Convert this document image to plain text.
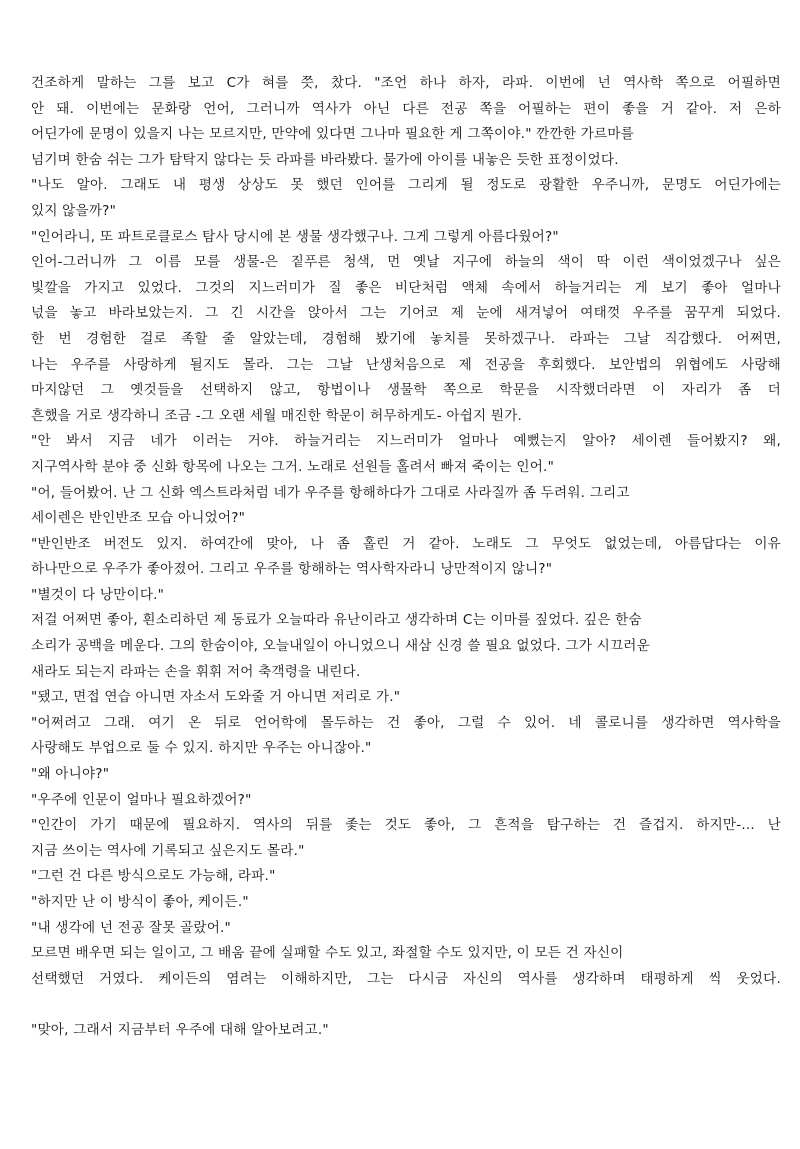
건조하게 말하는 그를 보고 C가 혀를 쯧, 찼다. "조언 하나 하자, 라파. 이번에 넌 역사학 쪽으로 어필하면
안 돼. 이번에는 문화랑 언어, 그러니까 역사가 아닌 다른 전공 쪽을 어필하는 편이 좋을 거 같아. 저 은하
어딘가에 문명이 있을지 나는 모르지만, 만약에 있다면 그나마 필요한 게 그쪽이야." 깐깐한 가르마를
넘기며 한숨 쉬는 그가 탐탁지 않다는 듯 라파를 바라봤다. 물가에 아이를 내놓은 듯한 표정이었다.
"나도 알아. 그래도 내 평생 상상도 못 했던 인어를 그리게 될 정도로 광활한 우주니까, 문명도 어딘가에는
있지 않을까?"
"인어라니, 또 파트로클로스 탐사 당시에 본 생물 생각했구나. 그게 그렇게 아름다웠어?"
인어-그러니까 그 이름 모를 생물-은 짙푸른 청색, 먼 옛날 지구에 하늘의 색이 딱 이런 색이었겠구나 싶은
빛깔을 가지고 있었다. 그것의 지느러미가 질 좋은 비단처럼 액체 속에서 하늘거리는 게 보기 좋아 얼마나
넋을 놓고 바라보았는지. 그 긴 시간을 앉아서 그는 기어코 제 눈에 새겨넣어 여태껏 우주를 꿈꾸게 되었다.
한 번 경험한 걸로 족할 줄 알았는데, 경험해 봤기에 놓치를 못하겠구나. 라파는 그날 직감했다. 어쩌면,
나는 우주를 사랑하게 될지도 몰라. 그는 그날 난생처음으로 제 전공을 후회했다. 보안법의 위협에도 사랑해
마지않던 그 옛것들을 선택하지 않고, 항법이나 생물학 쪽으로 학문을 시작했더라면 이 자리가 좀 더
흔했을 거로 생각하니 조금 -그 오랜 세월 매진한 학문이 허무하게도- 아쉽지 뭔가.
"안 봐서 지금 네가 이러는 거야. 하늘거리는 지느러미가 얼마나 예뻤는지 알아? 세이렌 들어봤지? 왜,
지구역사학 분야 중 신화 항목에 나오는 그거. 노래로 선원들 홀려서 빠져 죽이는 인어."
"어, 들어봤어. 난 그 신화 엑스트라처럼 네가 우주를 항해하다가 그대로 사라질까 좀 두려워. 그리고
세이렌은 반인반조 모습 아니었어?"
"반인반조 버전도 있지. 하여간에 맞아, 나 좀 홀린 거 같아. 노래도 그 무엇도 없었는데, 아름답다는 이유
하나만으로 우주가 좋아졌어. 그리고 우주를 항해하는 역사학자라니 낭만적이지 않니?"
"별것이 다 낭만이다."
저걸 어쩌면 좋아, 흰소리하던 제 동료가 오늘따라 유난이라고 생각하며 C는 이마를 짚었다. 깊은 한숨
소리가 공백을 메운다. 그의 한숨이야, 오늘내일이 아니었으니 새삼 신경 쓸 필요 없었다. 그가 시끄러운
새라도 되는지 라파는 손을 휘휘 저어 축객령을 내린다.
"됐고, 면접 연습 아니면 자소서 도와줄 거 아니면 저리로 가."
"어쩌려고 그래. 여기 온 뒤로 언어학에 몰두하는 건 좋아, 그럴 수 있어. 네 콜로니를 생각하면 역사학을
사랑해도 부업으로 둘 수 있지. 하지만 우주는 아니잖아."
"왜 아니야?"
"우주에 인문이 얼마나 필요하겠어?"
"인간이 가기 때문에 필요하지. 역사의 뒤를 좇는 것도 좋아, 그 흔적을 탐구하는 건 즐겁지. 하지만-... 난
지금 쓰이는 역사에 기록되고 싶은지도 몰라."
"그런 건 다른 방식으로도 가능해, 라파."
"하지만 난 이 방식이 좋아, 케이든."
"내 생각에 넌 전공 잘못 골랐어."
모르면 배우면 되는 일이고, 그 배움 끝에 실패할 수도 있고, 좌절할 수도 있지만, 이 모든 건 자신이
선택했던 거였다. 케이든의 염려는 이해하지만, 그는 다시금 자신의 역사를 생각하며 태평하게 씩 웃었다.
"맞아, 그래서 지금부터 우주에 대해 알아보려고."
